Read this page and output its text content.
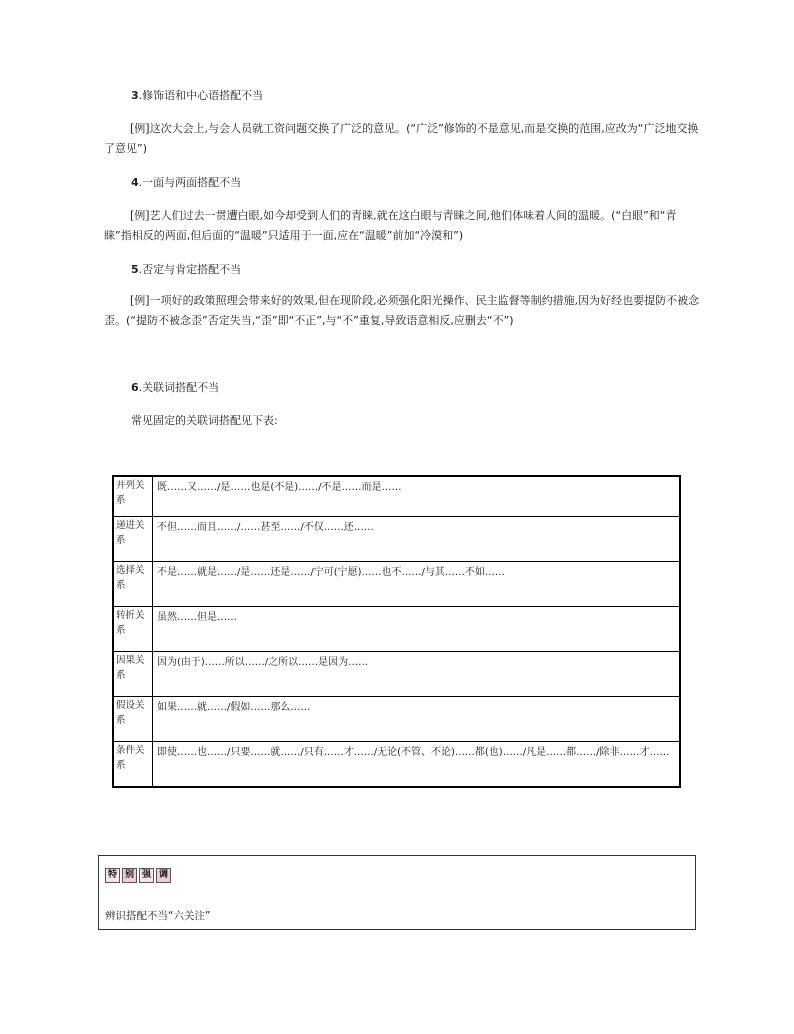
3.修饰语和中心语搭配不当
[例]这次大会上,与会人员就工资问题交换了广泛的意见。(“广泛”修饰的不是意见,而是交换的范围,应改为“广泛地交换了意见”)
4.一面与两面搭配不当
[例]艺人们过去一贯遭白眼,如今却受到人们的青睐,就在这白眼与青睐之间,他们体味着人间的温暖。(“白眼”和“青睐”指相反的两面,但后面的“温暖”只适用于一面,应在“温暖”前加“冷漠和”)
5.否定与肯定搭配不当
[例]一项好的政策照理会带来好的效果,但在现阶段,必须强化阳光操作、民主监督等制约措施,因为好经也要提防不被念歪。(“提防不被念歪”否定失当,“歪”即“不正”,与“不”重复,导致语意相反,应删去“不”)
6.关联词搭配不当
常见固定的关联词搭配见下表:
并列关系	既……又……/是……也是(不是)……/不是……而是……
递进关系	不但……而且……/……甚至……/不仅……还……
选择关系	不是……就是……/是……还是……/宁可(宁愿)……也不……/与其……不如……
转折关系	虽然……但是……
因果关系	因为(由于)……所以……/之所以……是因为……
假设关系	如果……就……/假如……那么……
条件关系	即使……也……/只要……就……/只有……才……/无论(不管、不论)……都(也)……/凡是……都……/除非……才……
特 别 强 调
辨识搭配不当“六关注”
